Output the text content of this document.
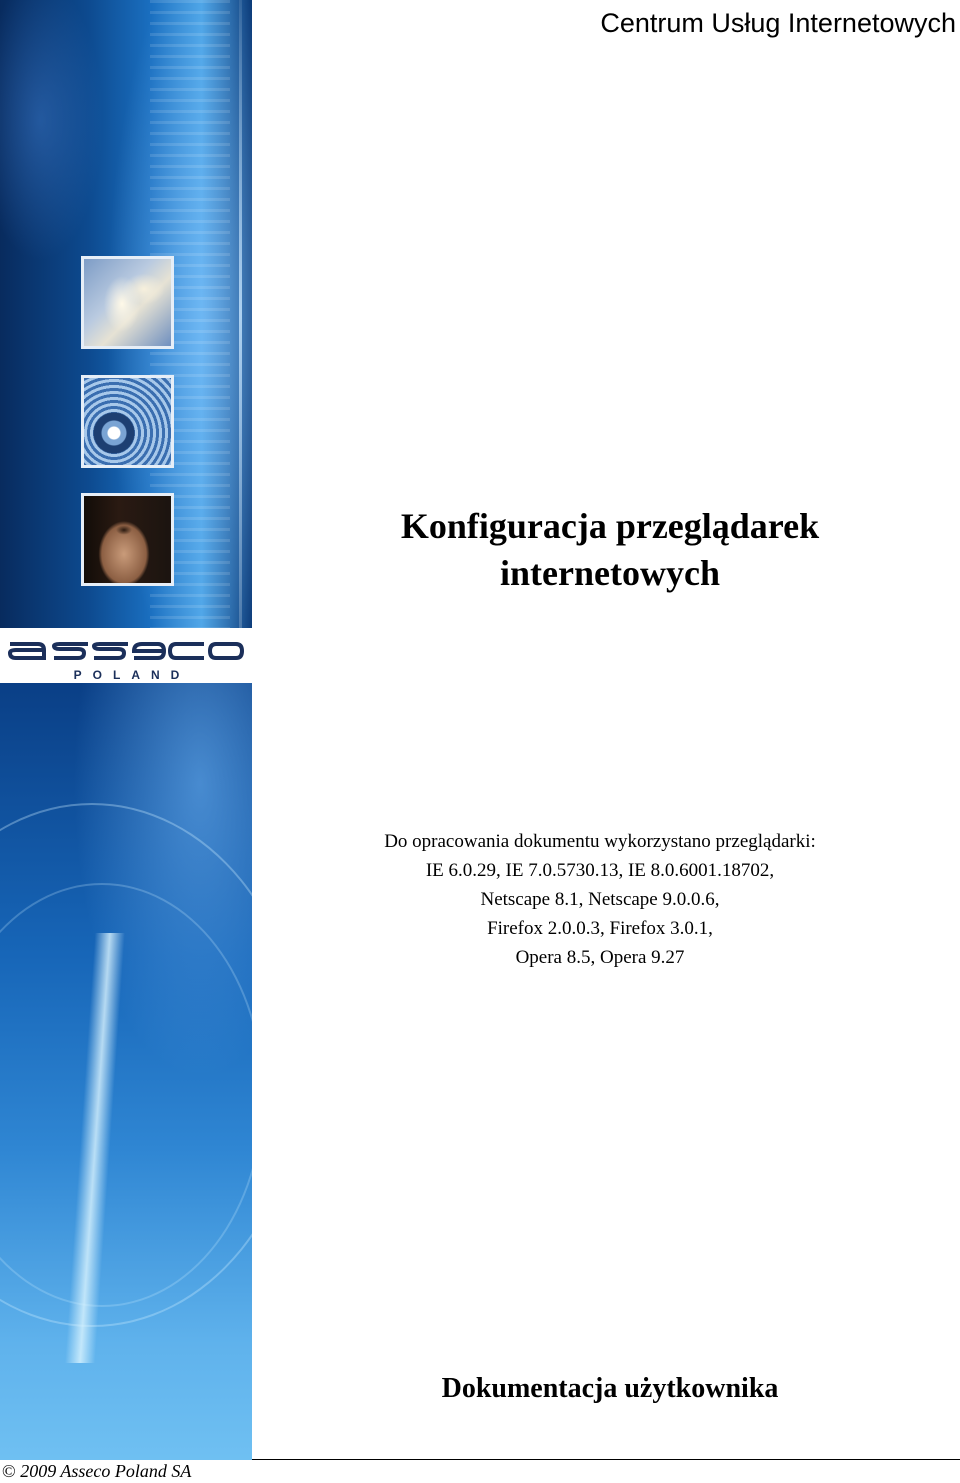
POLAND
Centrum Usług Internetowych
Konfiguracja przeglądarek
internetowych
Do opracowania dokumentu wykorzystano przeglądarki:
IE 6.0.29, IE 7.0.5730.13, IE 8.0.6001.18702,
Netscape 8.1, Netscape 9.0.0.6,
Firefox 2.0.0.3, Firefox 3.0.1,
Opera 8.5, Opera 9.27
Dokumentacja użytkownika
© 2009 Asseco Poland SA
